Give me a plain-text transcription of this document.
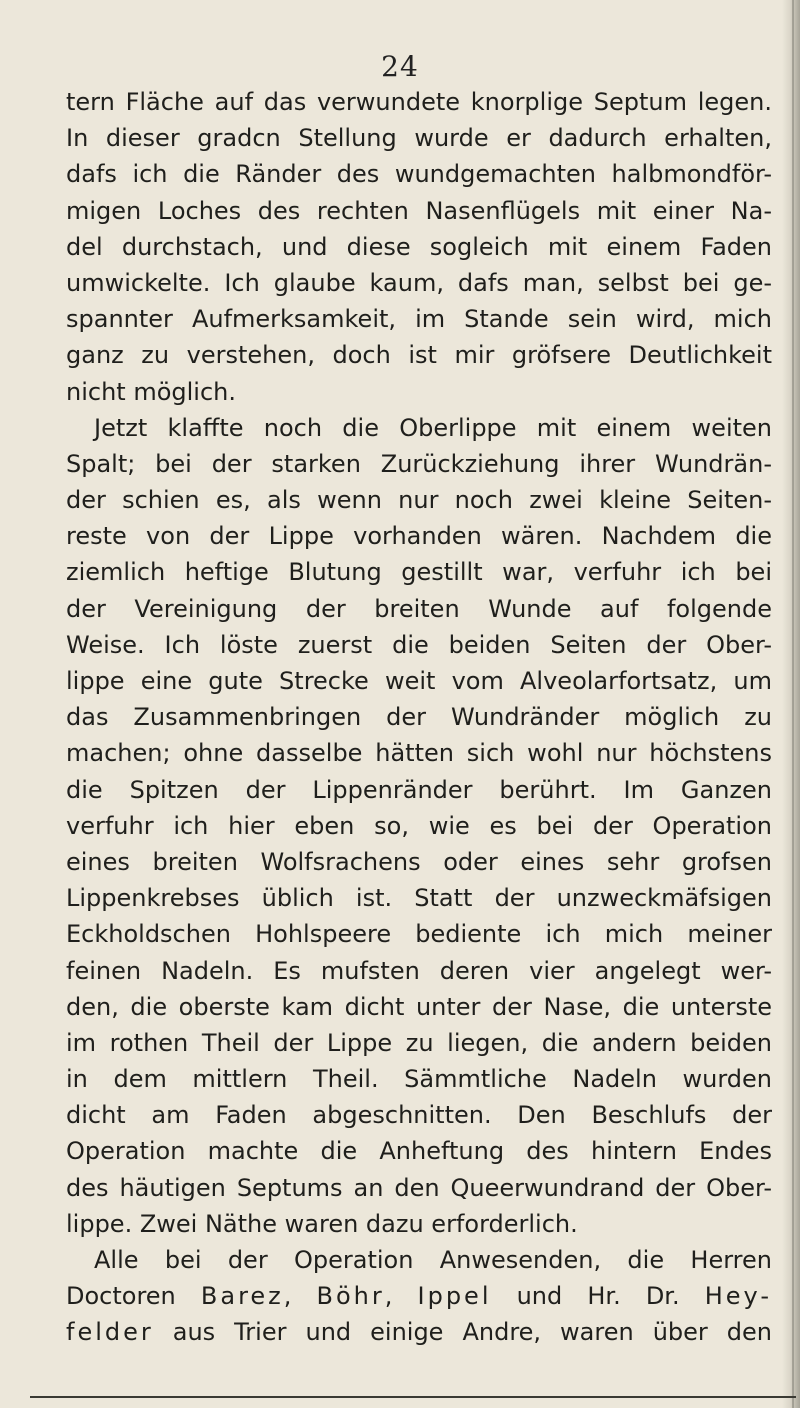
24
tern Fläche auf das verwundete knorplige Septum legen.
In dieser gradcn Stellung wurde er dadurch erhalten,
dafs ich die Ränder des wundgemachten halbmondför-
migen Loches des rechten Nasenflügels mit einer Na-
del durchstach, und diese sogleich mit einem Faden
umwickelte. Ich glaube kaum, dafs man, selbst bei ge-
spannter Aufmerksamkeit, im Stande sein wird, mich
ganz zu verstehen, doch ist mir gröfsere Deutlichkeit
nicht möglich.
Jetzt klaffte noch die Oberlippe mit einem weiten
Spalt; bei der starken Zurückziehung ihrer Wundrän-
der schien es, als wenn nur noch zwei kleine Seiten-
reste von der Lippe vorhanden wären. Nachdem die
ziemlich heftige Blutung gestillt war, verfuhr ich bei
der Vereinigung der breiten Wunde auf folgende
Weise. Ich löste zuerst die beiden Seiten der Ober-
lippe eine gute Strecke weit vom Alveolarfortsatz, um
das Zusammenbringen der Wundränder möglich zu
machen; ohne dasselbe hätten sich wohl nur höchstens
die Spitzen der Lippenränder berührt. Im Ganzen
verfuhr ich hier eben so, wie es bei der Operation
eines breiten Wolfsrachens oder eines sehr grofsen
Lippenkrebses üblich ist. Statt der unzweckmäfsigen
Eckholdschen Hohlspeere bediente ich mich meiner
feinen Nadeln. Es mufsten deren vier angelegt wer-
den, die oberste kam dicht unter der Nase, die unterste
im rothen Theil der Lippe zu liegen, die andern beiden
in dem mittlern Theil. Sämmtliche Nadeln wurden
dicht am Faden abgeschnitten. Den Beschlufs der
Operation machte die Anheftung des hintern Endes
des häutigen Septums an den Queerwundrand der Ober-
lippe. Zwei Näthe waren dazu erforderlich.
Alle bei der Operation Anwesenden, die Herren
Doctoren Barez, Böhr, Ippel und Hr. Dr. Hey-
felder aus Trier und einige Andre, waren über den
